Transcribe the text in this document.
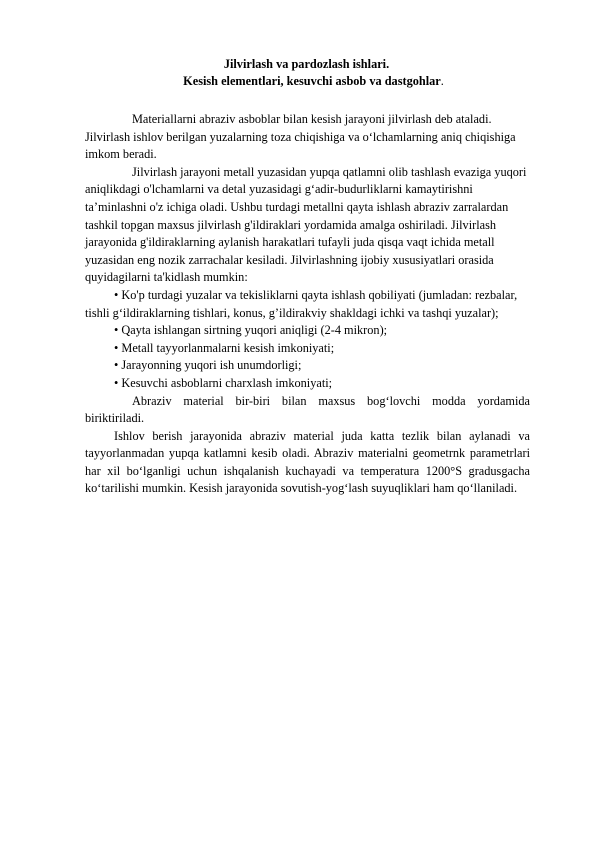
Jilvirlash va pardozlash ishlari.
Kesish elementlari, kesuvchi asbob va dastgohlar.

Materiallarni abraziv asboblar bilan kesish jarayoni jilvirlash deb ataladi. Jilvirlash ishlov berilgan yuzalarning toza chiqishiga va o‘lchamlarning aniq chiqishiga imkom beradi.

Jilvirlash jarayoni metall yuzasidan yupqa qatlamni olib tashlash evaziga yuqori aniqlikdagi o'lchamlarni va detal yuzasidagi g‘adir-budurliklarni kamaytirishni ta’minlashni o'z ichiga oladi. Ushbu turdagi metallni qayta ishlash abraziv zarralardan tashkil topgan maxsus jilvirlash g'ildiraklari yordamida amalga oshiriladi. Jilvirlash jarayonida g'ildiraklarning aylanish harakatlari tufayli juda qisqa vaqt ichida metall yuzasidan eng nozik zarrachalar kesiladi. Jilvirlashning ijobiy xususiyatlari orasida quyidagilarni ta'kidlash mumkin:

• Ko'p turdagi yuzalar va tekisliklarni qayta ishlash qobiliyati (jumladan: rezbalar, tishli g‘ildiraklarning tishlari, konus, g’ildirakviy shakldagi ichki va tashqi yuzalar);

• Qayta ishlangan sirtning yuqori aniqligi (2-4 mikron);

• Metall tayyorlanmalarni kesish imkoniyati;

• Jarayonning yuqori ish unumdorligi;

• Kesuvchi asboblarni charxlash imkoniyati;

Abraziv material bir-biri bilan maxsus bog‘lovchi modda yordamida biriktiriladi.

Ishlov berish jarayonida abraziv material juda katta tezlik bilan aylanadi va tayyorlanmadan yupqa katlamni kesib oladi. Abraziv materialni geometrnk parametrlari har xil bo‘lganligi uchun ishqalanish kuchayadi va temperatura 1200°S gradusgacha ko‘tarilishi mumkin. Kesish jarayonida sovutish-yog‘lash suyuqliklari ham qo‘llaniladi.
